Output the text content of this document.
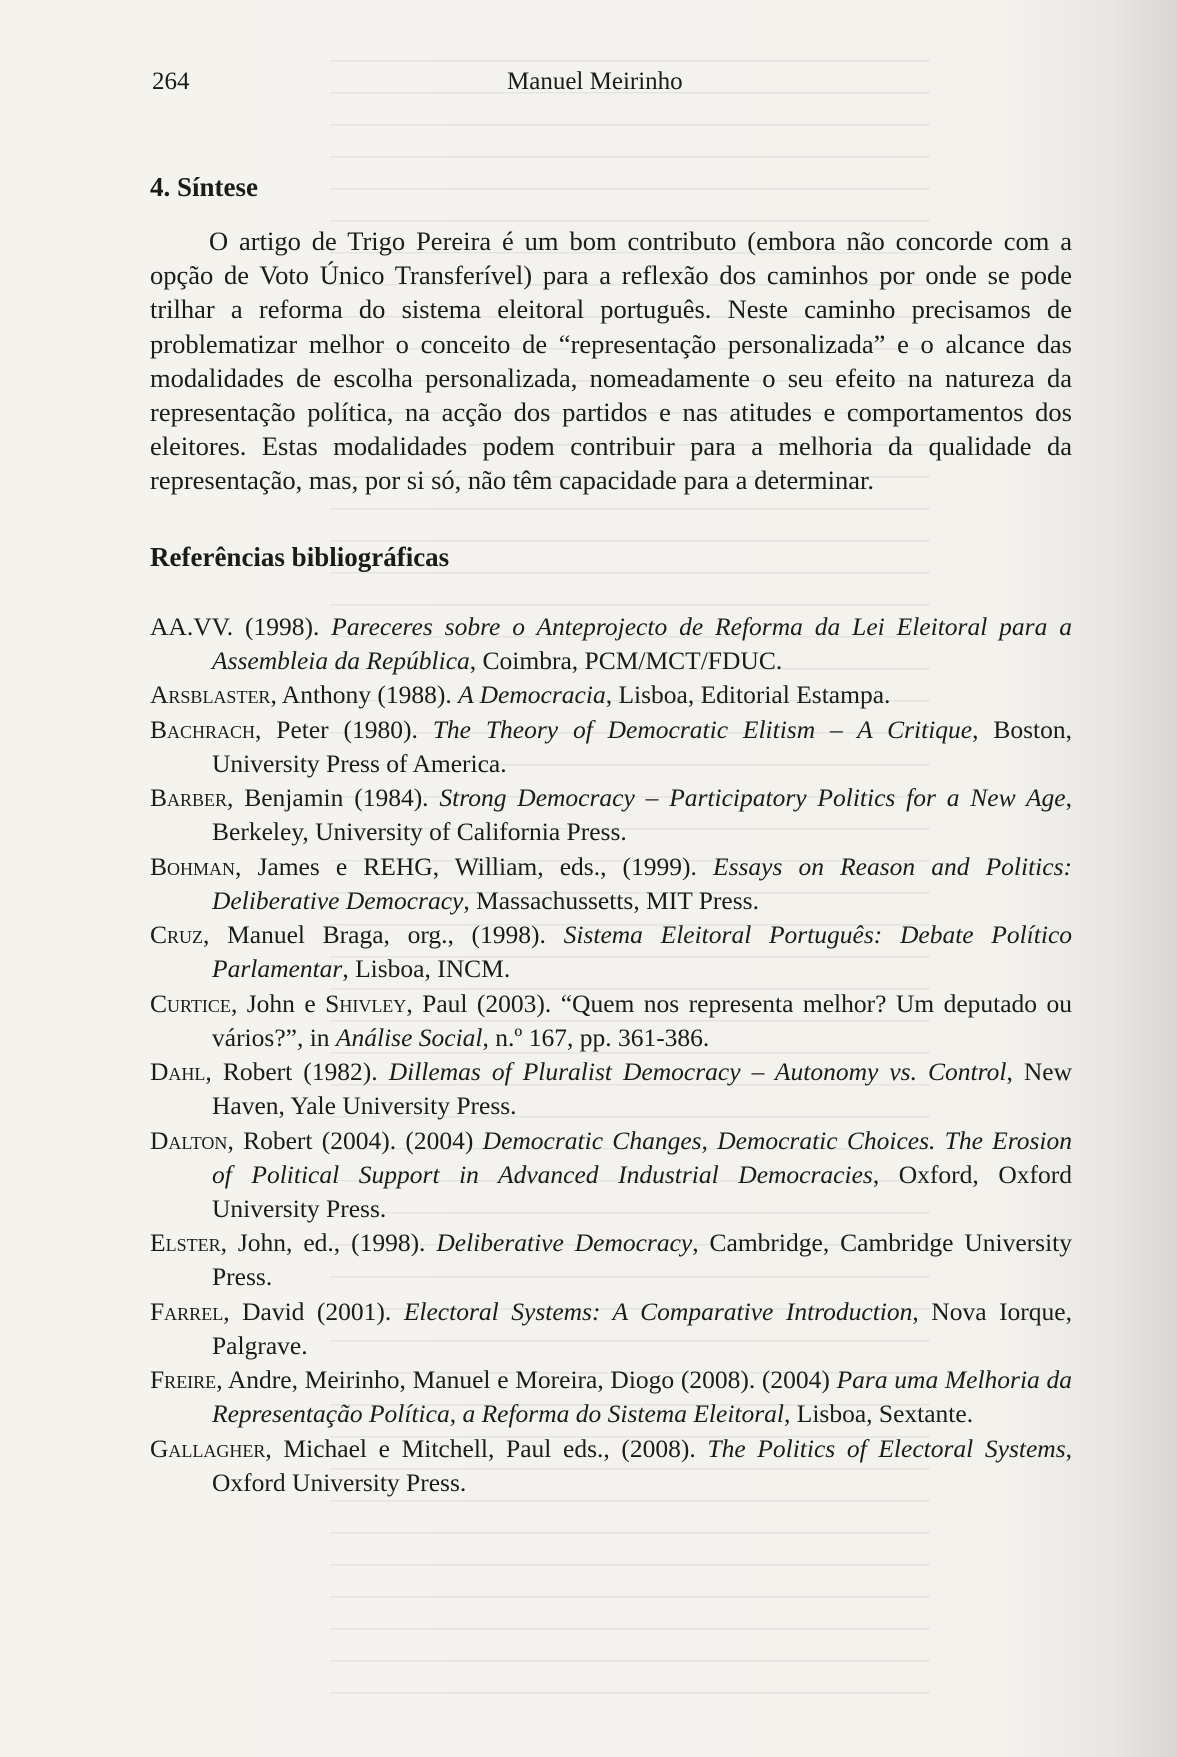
264	Manuel Meirinho
4. Síntese

O artigo de Trigo Pereira é um bom contributo (embora não concorde com a opção de Voto Único Transferível) para a reflexão dos caminhos por onde se pode trilhar a reforma do sistema eleitoral português. Neste caminho precisamos de problematizar melhor o conceito de “representação personalizada” e o alcance das modalidades de escolha personalizada, nomeadamente o seu efeito na natureza da representação política, na acção dos partidos e nas atitudes e comportamentos dos eleitores. Estas modalidades podem contribuir para a melhoria da qualidade da representação, mas, por si só, não têm capacidade para a determinar.

Referências bibliográficas
AA.VV. (1998). Pareceres sobre o Anteprojecto de Reforma da Lei Eleitoral para a Assembleia da República, Coimbra, PCM/MCT/FDUC.
Arsblaster, Anthony (1988). A Democracia, Lisboa, Editorial Estampa.
Bachrach, Peter (1980). The Theory of Democratic Elitism – A Critique, Boston, University Press of America.
Barber, Benjamin (1984). Strong Democracy – Participatory Politics for a New Age, Berkeley, University of California Press.
Bohman, James e REHG, William, eds., (1999). Essays on Reason and Politics: Deliberative Democracy, Massachussetts, MIT Press.
Cruz, Manuel Braga, org., (1998). Sistema Eleitoral Português: Debate Político Parlamentar, Lisboa, INCM.
Curtice, John e Shivley, Paul (2003). “Quem nos representa melhor? Um deputado ou vários?”, in Análise Social, n.º 167, pp. 361-386.
Dahl, Robert (1982). Dillemas of Pluralist Democracy – Autonomy vs. Control, New Haven, Yale University Press.
Dalton, Robert (2004). (2004) Democratic Changes, Democratic Choices. The Erosion of Political Support in Advanced Industrial Democracies, Oxford, Oxford University Press.
Elster, John, ed., (1998). Deliberative Democracy, Cambridge, Cambridge University Press.
Farrel, David (2001). Electoral Systems: A Comparative Introduction, Nova Iorque, Palgrave.
Freire, Andre, Meirinho, Manuel e Moreira, Diogo (2008). (2004) Para uma Melhoria da Representação Política, a Reforma do Sistema Eleitoral, Lisboa, Sextante.
Gallagher, Michael e Mitchell, Paul eds., (2008). The Politics of Electoral Systems, Oxford University Press.
